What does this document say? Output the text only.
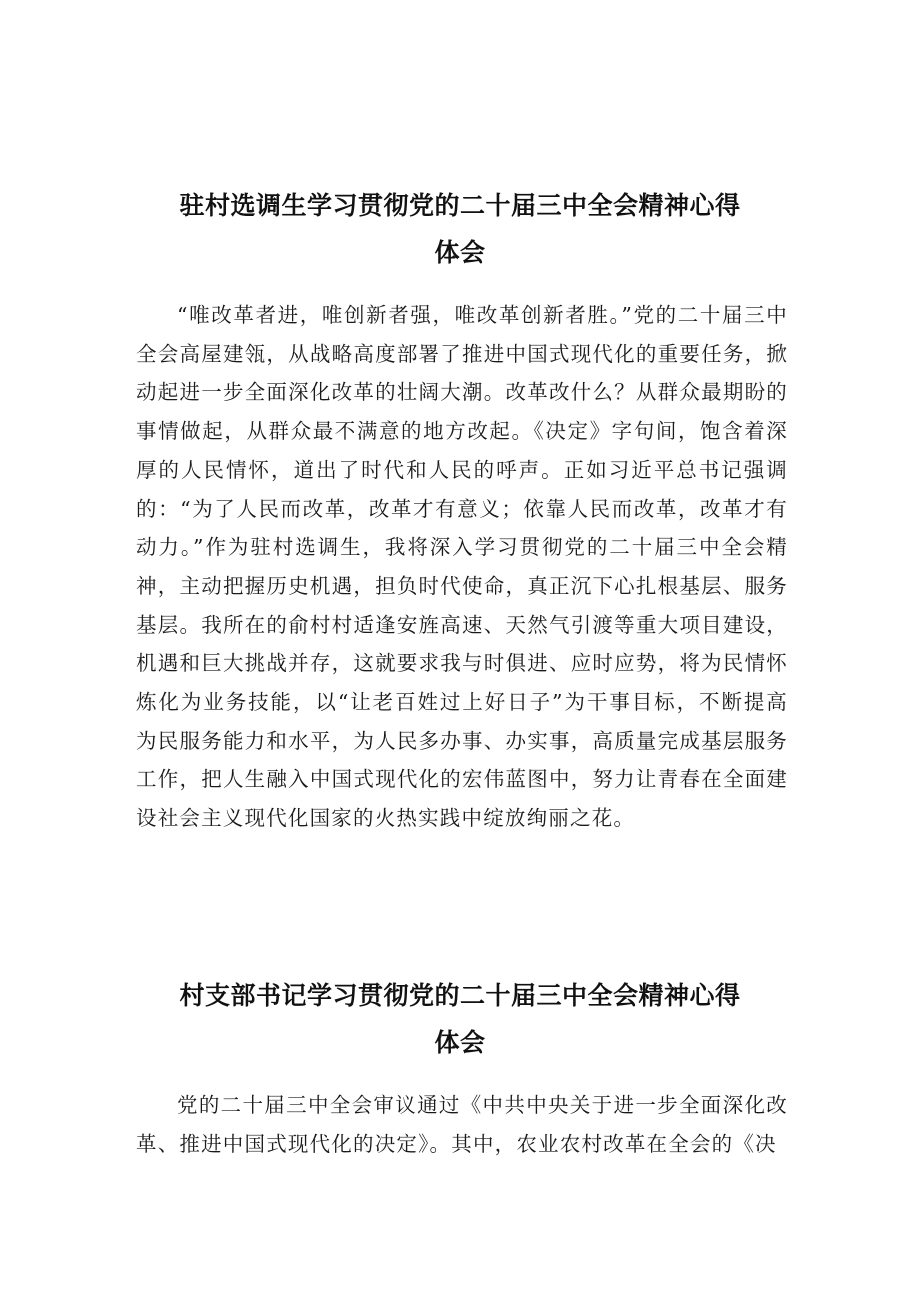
驻村选调生学习贯彻党的二十届三中全会精神心得体会

“唯改革者进，唯创新者强，唯改革创新者胜。”党的二十届三中全会高屋建瓴，从战略高度部署了推进中国式现代化的重要任务，掀动起进一步全面深化改革的壮阔大潮。改革改什么？从群众最期盼的事情做起，从群众最不满意的地方改起。《决定》字句间，饱含着深厚的人民情怀，道出了时代和人民的呼声。正如习近平总书记强调的：“为了人民而改革，改革才有意义；依靠人民而改革，改革才有动力。”作为驻村选调生，我将深入学习贯彻党的二十届三中全会精神，主动把握历史机遇，担负时代使命，真正沉下心扎根基层、服务基层。我所在的俞村村适逢安旌高速、天然气引渡等重大项目建设，机遇和巨大挑战并存，这就要求我与时俱进、应时应势，将为民情怀炼化为业务技能，以“让老百姓过上好日子”为干事目标，不断提高为民服务能力和水平，为人民多办事、办实事，高质量完成基层服务工作，把人生融入中国式现代化的宏伟蓝图中，努力让青春在全面建设社会主义现代化国家的火热实践中绽放绚丽之花。

村支部书记学习贯彻党的二十届三中全会精神心得体会

党的二十届三中全会审议通过《中共中央关于进一步全面深化改革、推进中国式现代化的决定》。其中，农业农村改革在全会的《决
